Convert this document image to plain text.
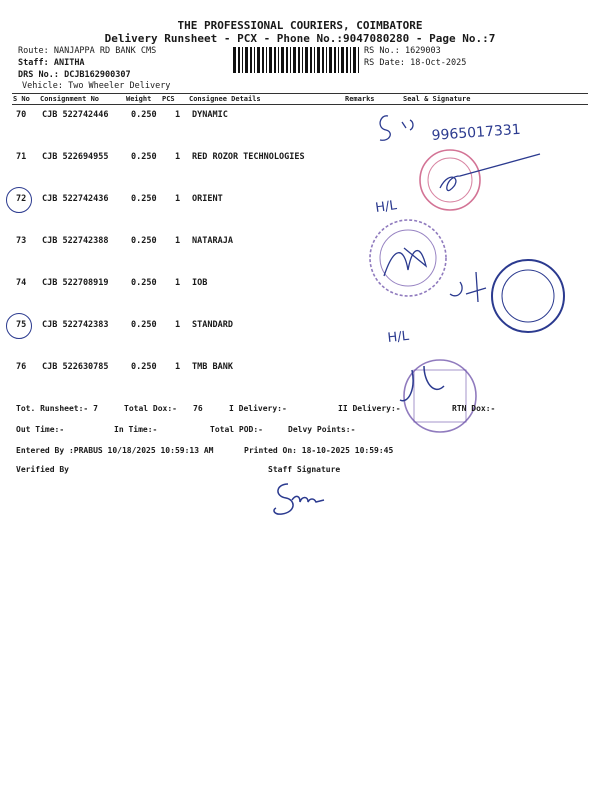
THE PROFESSIONAL COURIERS, COIMBATORE
Delivery Runsheet - PCX - Phone No.:9047080280 - Page No.:7
Route: NANJAPPA RD BANK CMS
Staff: ANITHA
DRS No.: DCJB162900307
Vehicle: Two Wheeler Delivery
RS No.: 1629003
RS Date: 18-Oct-2025
S No Consignment No	Weight PCS Consignee Details	Remarks	Seal & Signature
70 CJB 522742446	0.250 1 DYNAMIC
71 CJB 522694955	0.250 1 RED ROZOR TECHNOLOGIES
72 CJB 522742436	0.250 1 ORIENT
73 CJB 522742388	0.250 1 NATARAJA
74 CJB 522708919	0.250 1 IOB
75 CJB 522742383	0.250 1 STANDARD
76 CJB 522630785	0.250 1 TMB BANK
9965017331
H/L
H/L
Tot. Runsheet:- 7	Total Dox:- 76	I Delivery:-	II Delivery:-	RTN Dox:-
Out Time:-	In Time:-	Total POD:-	Delvy Points:-
Entered By :PRABUS 10/18/2025 10:59:13 AM	Printed On: 18-10-2025 10:59:45
Verified By	Staff Signature
